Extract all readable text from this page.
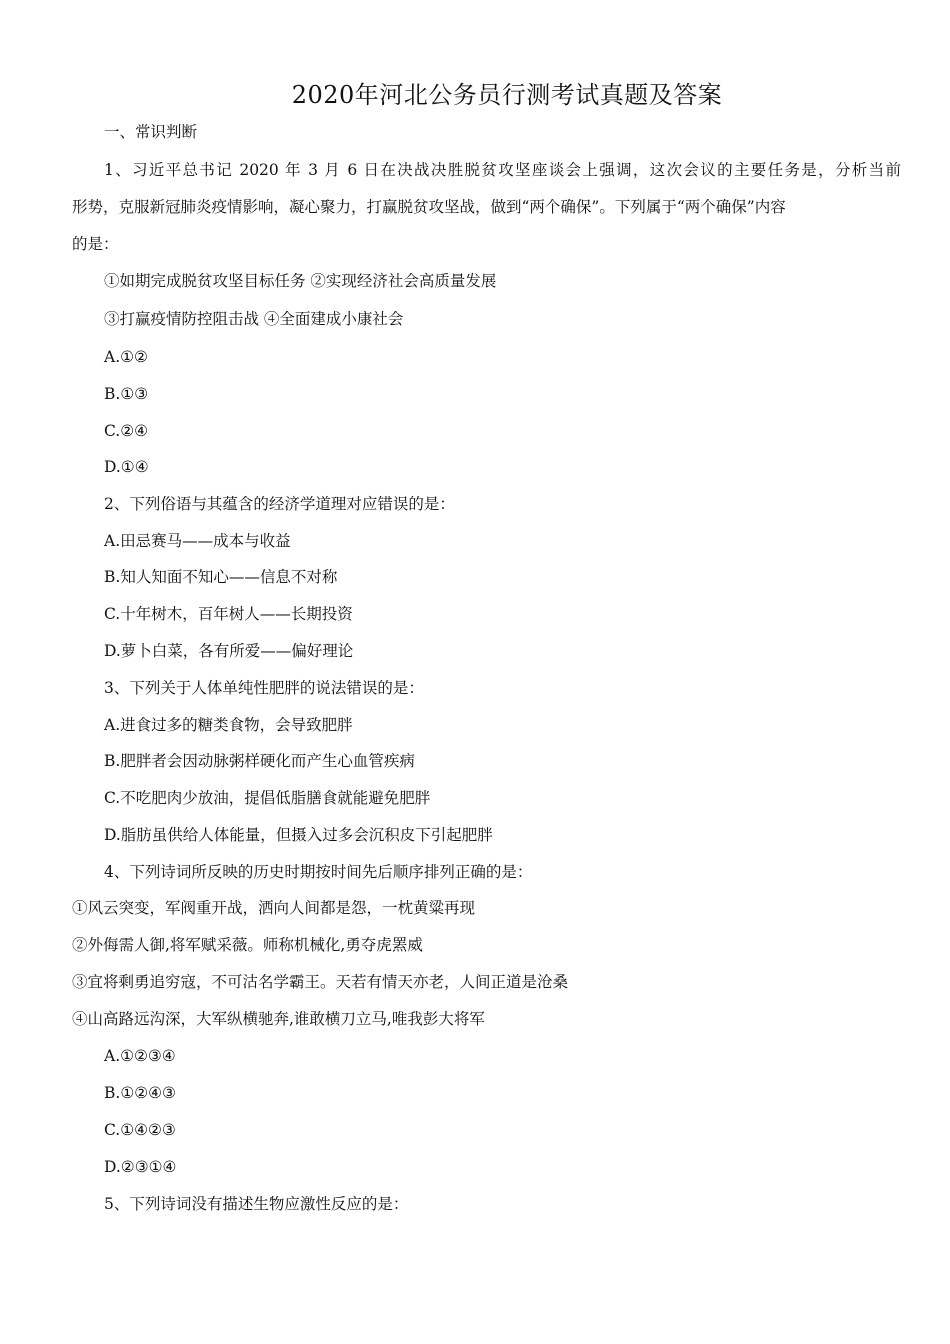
2020年河北公务员行测考试真题及答案
一、常识判断
1、习近平总书记 2020 年 3 月 6 日在决战决胜脱贫攻坚座谈会上强调，这次会议的主要任务是，分析当前
形势，克服新冠肺炎疫情影响，凝心聚力，打赢脱贫攻坚战，做到“两个确保”。下列属于“两个确保”内容
的是：
①如期完成脱贫攻坚目标任务 ②实现经济社会高质量发展
③打赢疫情防控阻击战 ④全面建成小康社会
A.①②
B.①③
C.②④
D.①④
2、下列俗语与其蕴含的经济学道理对应错误的是：
A.田忌赛马——成本与收益
B.知人知面不知心——信息不对称
C.十年树木，百年树人——长期投资
D.萝卜白菜，各有所爱——偏好理论
3、下列关于人体单纯性肥胖的说法错误的是：
A.进食过多的糖类食物，会导致肥胖
B.肥胖者会因动脉粥样硬化而产生心血管疾病
C.不吃肥肉少放油，提倡低脂膳食就能避免肥胖
D.脂肪虽供给人体能量，但摄入过多会沉积皮下引起肥胖
4、下列诗词所反映的历史时期按时间先后顺序排列正确的是：
①风云突变，军阀重开战，洒向人间都是怨，一枕黄粱再现
②外侮需人御,将军赋采薇。师称机械化,勇夺虎罴威
③宜将剩勇追穷寇，不可沽名学霸王。天若有情天亦老，人间正道是沧桑
④山高路远沟深，大军纵横驰奔,谁敢横刀立马,唯我彭大将军
A.①②③④
B.①②④③
C.①④②③
D.②③①④
5、下列诗词没有描述生物应激性反应的是：
